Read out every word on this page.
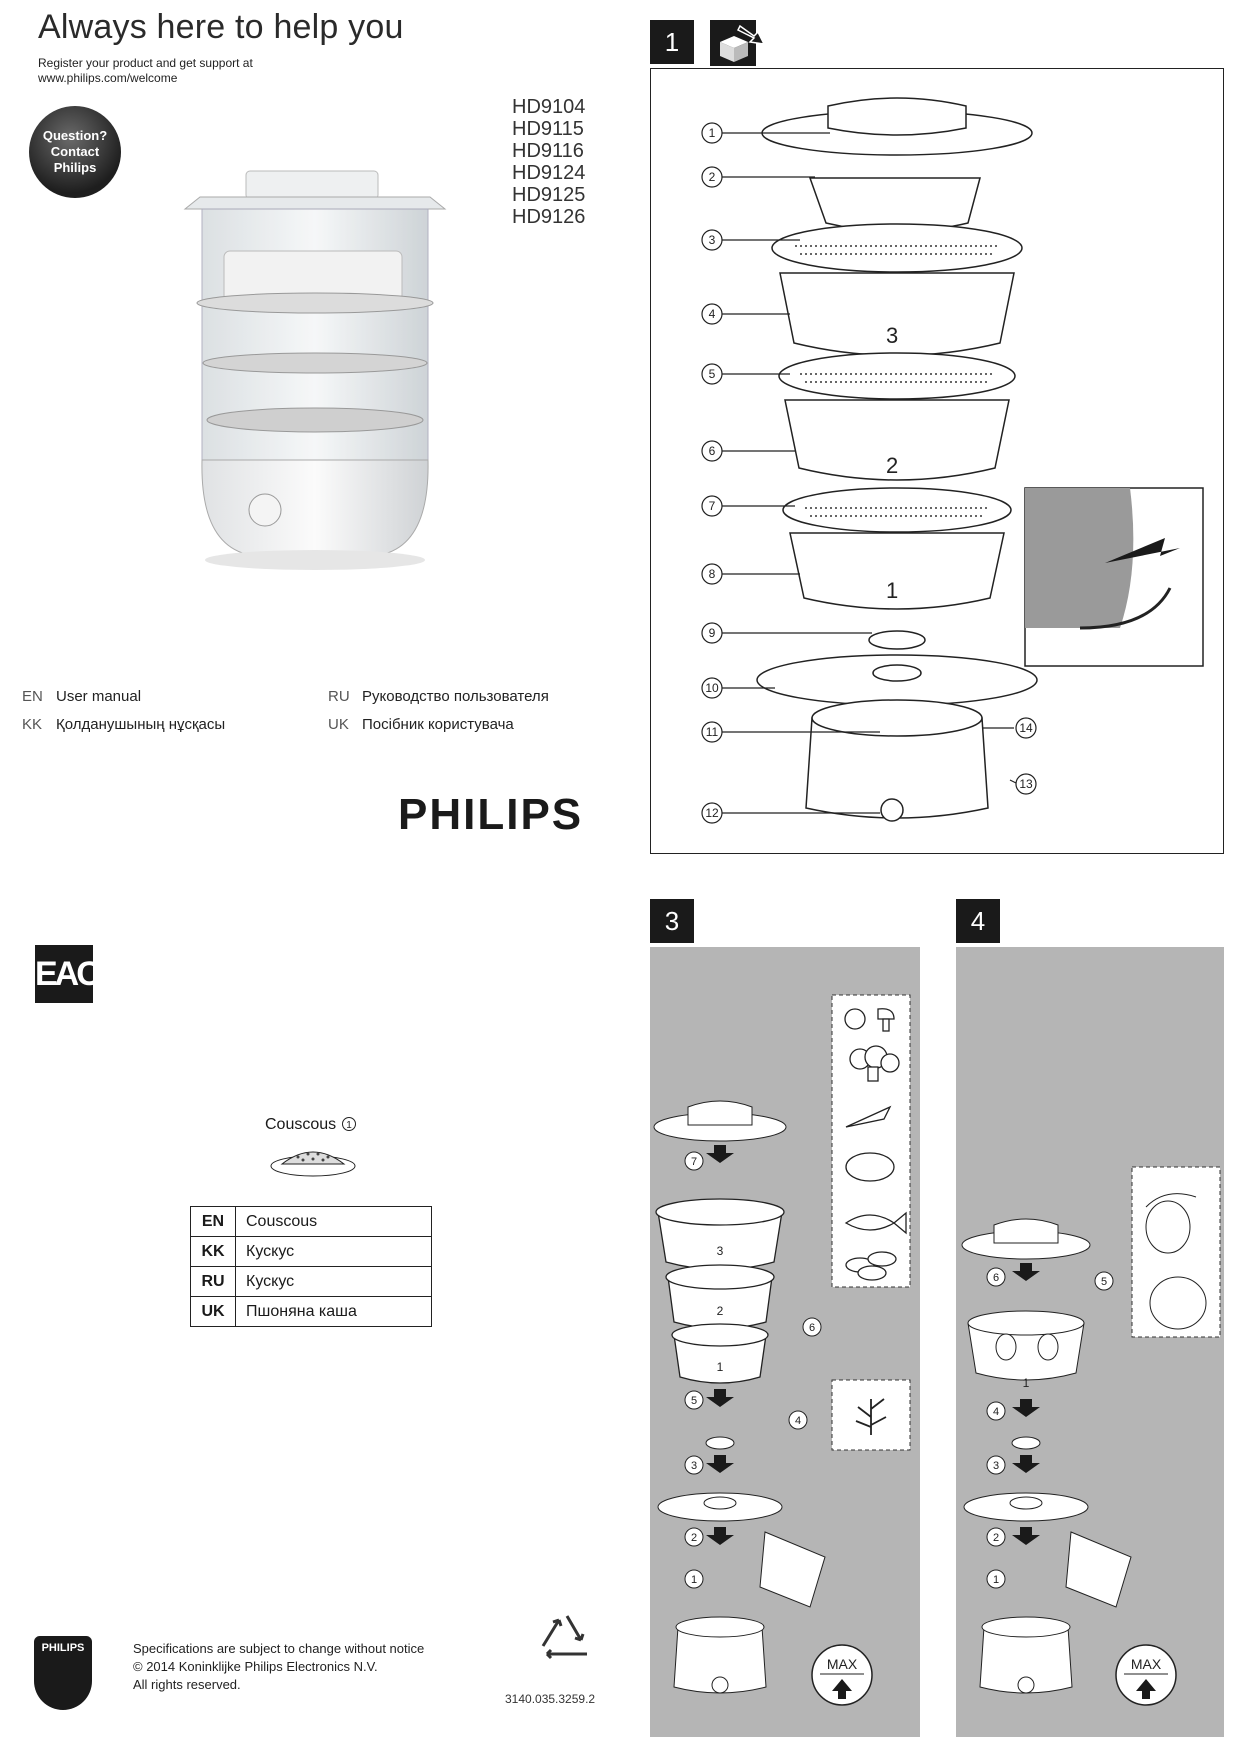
Always here to help you
Register your product and get support at
www.philips.com/welcome
Question?
Contact
Philips
HD9104
HD9115
HD9116
HD9124
HD9125
HD9126
EN User manual
KK Қолданушының нұсқасы
RU Руководство пользователя
UK Посібник користувача
PHILIPS
1
3
2
1
1
2
3
4
5
6
7
8
9
10
11
12
13
14
EAC
Couscous 1
EN	Couscous
KK	Кускус
RU	Кускус
UK	Пшоняна каша
PHILIPS	Specifications are subject to change without notice
© 2014 Koninklijke Philips Electronics N.V.
All rights reserved.
3140.035.3259.2
3
3
2
1
MAX
7
6
5
4
3
2
1
4
1
MAX
6	5
4
3
2
1
